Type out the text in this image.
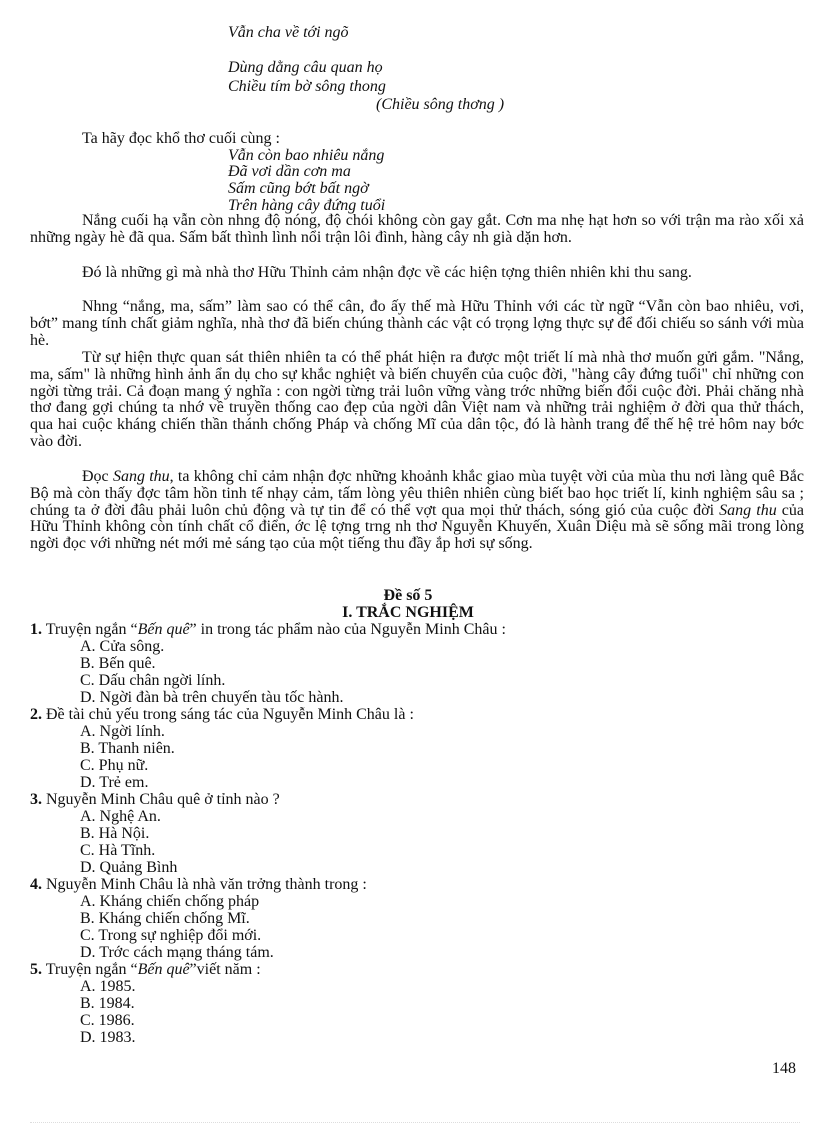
Vẫn cha về tới ngõ
Dùng dằng câu quan họ
Chiều tím bờ sông thong
(Chiều sông thơng )
Ta hãy đọc khổ thơ cuối cùng :
Vẫn còn bao nhiêu nắng
Đã vơi dần cơn ma
Sấm cũng bớt bất ngờ
Trên hàng cây đứng tuổi

Nắng cuối hạ vẫn còn nhng độ nóng, độ chói không còn gay gắt. Cơn ma nhẹ hạt hơn so với trận ma rào xối xả những ngày hè đã qua. Sấm bất thình lình nổi trận lôi đình, hàng cây nh già dặn hơn.

Đó là những gì mà nhà thơ Hữu Thỉnh cảm nhận đợc về các hiện tợng thiên nhiên khi thu sang.

Nhng “nắng, ma, sấm” làm sao có thể cân, đo ấy thế mà Hữu Thỉnh với các từ ngữ “Vẫn còn bao nhiêu, vơi, bớt” mang tính chất giảm nghĩa, nhà thơ đã biến chúng thành các vật có trọng lợng thực sự để đối chiếu so sánh với mùa hè.

Từ sự hiện thực quan sát thiên nhiên ta có thể phát hiện ra được một triết lí mà nhà thơ muốn gửi gắm. "Nắng, ma, sấm" là những hình ảnh ẩn dụ cho sự khắc nghiệt và biến chuyển của cuộc đời, "hàng cây đứng tuổi" chỉ những con ngời từng trải. Cả đoạn mang ý nghĩa : con ngời từng trải luôn vững vàng trớc những biến đổi cuộc đời. Phải chăng nhà thơ đang gợi chúng ta nhớ về truyền thống cao đẹp của ngời dân Việt nam và những trải nghiệm ở đời qua thử thách, qua hai cuộc kháng chiến thần thánh chống Pháp và chống Mĩ của dân tộc, đó là hành trang để thế hệ trẻ hôm nay bớc vào đời.

Đọc Sang thu, ta không chỉ cảm nhận đợc những khoảnh khắc giao mùa tuyệt vời của mùa thu nơi làng quê Bắc Bộ mà còn thấy đợc tâm hồn tinh tế nhạy cảm, tấm lòng yêu thiên nhiên cùng biết bao học triết lí, kinh nghiệm sâu sa ; chúng ta ở đời đâu phải luôn chủ động và tự tin để có thể vợt qua mọi thử thách, sóng gió của cuộc đời Sang thu của Hữu Thỉnh không còn tính chất cổ điển, ớc lệ tợng trng nh thơ Nguyễn Khuyến, Xuân Diệu mà sẽ sống mãi trong lòng ngời đọc với những nét mới mẻ sáng tạo của một tiếng thu đầy ắp hơi sự sống.

Đề số 5
I. TRẮC NGHIỆM
1. Truyện ngắn “Bến quê” in trong tác phẩm nào của Nguyễn Minh Châu :
A. Cửa sông.
B. Bến quê.
C. Dấu chân ngời lính.
D. Ngời đàn bà trên chuyến tàu tốc hành.
2. Đề tài chủ yếu trong sáng tác của Nguyễn Minh Châu là :
A. Ngời lính.
B. Thanh niên.
C. Phụ nữ.
D. Trẻ em.
3. Nguyễn Minh Châu quê ở tỉnh nào ?
A. Nghệ An.
B. Hà Nội.
C. Hà Tĩnh.
D. Quảng Bình
4. Nguyễn Minh Châu là nhà văn trởng thành trong :
A. Kháng chiến chống pháp
B. Kháng chiến chống Mĩ.
C. Trong sự nghiệp đổi mới.
D. Trớc cách mạng tháng tám.
5. Truyện ngắn “Bến quê”viết năm :
A. 1985.
B. 1984.
C. 1986.
D. 1983.
148
